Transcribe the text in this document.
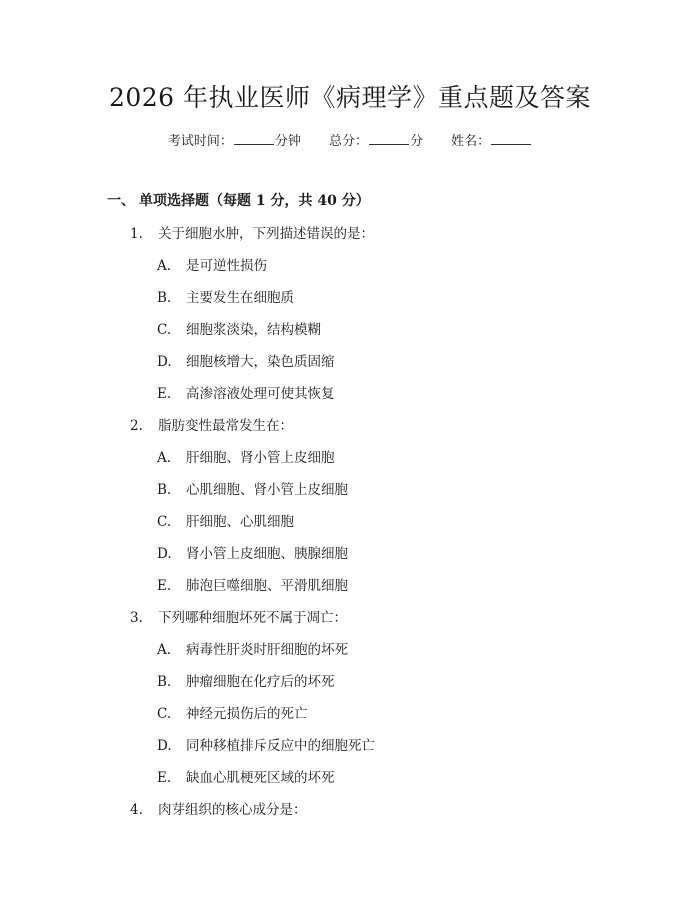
2026 年执业医师《病理学》重点题及答案
考试时间：	分钟 总分：	分 姓名：
一、 单项选择题（每题 1 分，共 40 分）
1. 关于细胞水肿，下列描述错误的是：
A. 是可逆性损伤
B. 主要发生在细胞质
C. 细胞浆淡染，结构模糊
D. 细胞核增大，染色质固缩
E. 高渗溶液处理可使其恢复
2. 脂肪变性最常发生在：
A. 肝细胞、肾小管上皮细胞
B. 心肌细胞、肾小管上皮细胞
C. 肝细胞、心肌细胞
D. 肾小管上皮细胞、胰腺细胞
E. 肺泡巨噬细胞、平滑肌细胞
3. 下列哪种细胞坏死不属于凋亡：
A. 病毒性肝炎时肝细胞的坏死
B. 肿瘤细胞在化疗后的坏死
C. 神经元损伤后的死亡
D. 同种移植排斥反应中的细胞死亡
E. 缺血心肌梗死区域的坏死
4. 肉芽组织的核心成分是：
